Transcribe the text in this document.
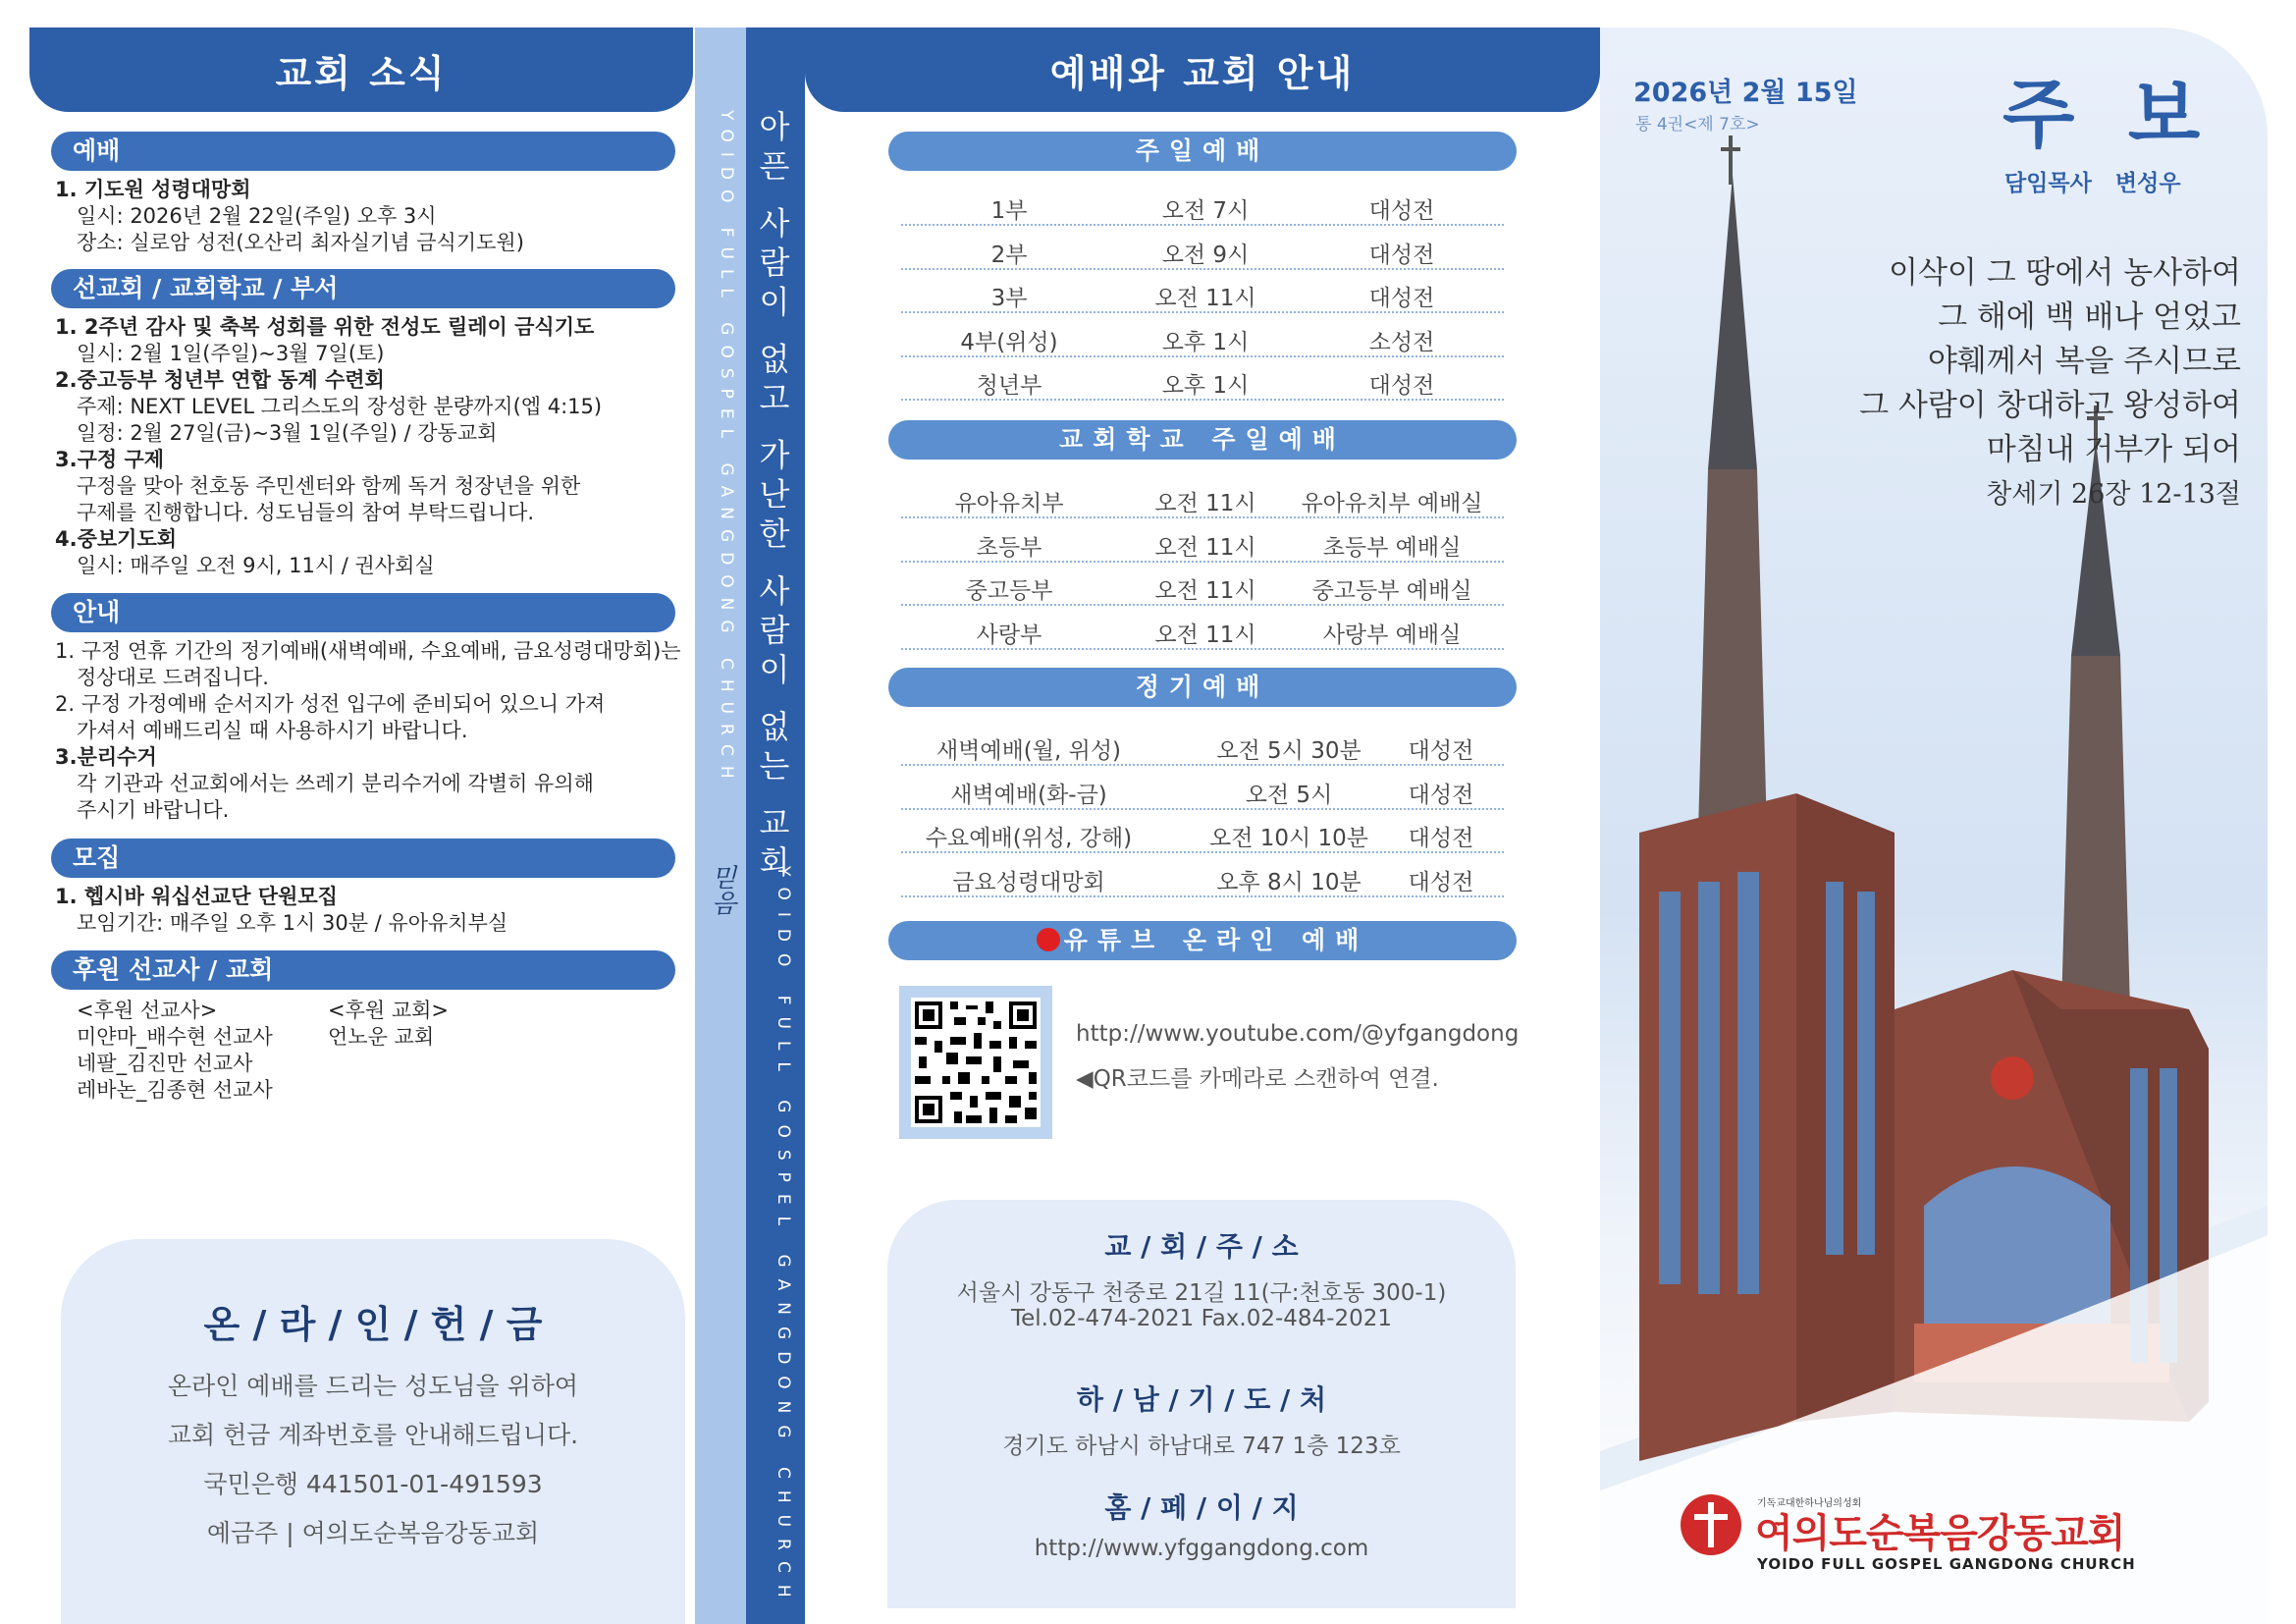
교회 소식
예배
1. 기도원 성령대망회
일시: 2026년 2월 22일(주일) 오후 3시
장소: 실로암 성전(오산리 최자실기념 금식기도원)
선교회 / 교회학교 / 부서
1. 2주년 감사 및 축복 성회를 위한 전성도 릴레이 금식기도
일시: 2월 1일(주일)~3월 7일(토)
2.중고등부 청년부 연합 동계 수련회
주제: NEXT LEVEL 그리스도의 장성한 분량까지(엡 4:15)
일정: 2월 27일(금)~3월 1일(주일) / 강동교회
3.구정 구제
구정을 맞아 천호동 주민센터와 함께 독거 청장년을 위한
구제를 진행합니다. 성도님들의 참여 부탁드립니다.
4.중보기도회
일시: 매주일 오전 9시, 11시 / 권사회실
안내
1. 구정 연휴 기간의 정기예배(새벽예배, 수요예배, 금요성령대망회)는
정상대로 드려집니다.
2. 구정 가정예배 순서지가 성전 입구에 준비되어 있으니 가져
가셔서 예배드리실 때 사용하시기 바랍니다.
3.분리수거
각 기관과 선교회에서는 쓰레기 분리수거에 각별히 유의해
주시기 바랍니다.
모집
1. 헵시바 워십선교단 단원모집
모임기간: 매주일 오후 1시 30분 / 유아유치부실
후원 선교사 / 교회
<후원 선교사>
미얀마_배수현 선교사
네팔_김진만 선교사
레바논_김종현 선교사
<후원 교회>
언노운 교회
온 / 라 / 인 / 헌 / 금
온라인 예배를 드리는 성도님을 위하여
교회 헌금 계좌번호를 안내해드립니다.
국민은행 441501-01-491593
예금주 | 여의도순복음강동교회
YOIDO FULL GOSPEL GANGDONG CHURCH
믿음
아픈 사람이 없고 가난한 사람이 없는 교회
YOIDO FULL GOSPEL GANGDONG CHURCH
예배와 교회 안내
주일예배
1부	오전 7시	대성전
2부	오전 9시	대성전
3부	오전 11시	대성전
4부(위성)	오후 1시	소성전
청년부	오후 1시	대성전
교회학교 주일예배
유아유치부	오전 11시	유아유치부 예배실
초등부	오전 11시	초등부 예배실
중고등부	오전 11시	중고등부 예배실
사랑부	오전 11시	사랑부 예배실
정기예배
새벽예배(월, 위성)	오전 5시 30분	대성전
새벽예배(화-금)	오전 5시	대성전
수요예배(위성, 강해)	오전 10시 10분	대성전
금요성령대망회	오후 8시 10분	대성전
유튜브 온라인 예배
http://www.youtube.com/@yfgangdong
◀QR코드를 카메라로 스캔하여 연결.
교 / 회 / 주 / 소
서울시 강동구 천중로 21길 11(구:천호동 300-1)
Tel.02-474-2021 Fax.02-484-2021
하 / 남 / 기 / 도 / 처
경기도 하남시 하남대로 747 1층 123호
홈 / 페 / 이 / 지
http://www.yfggangdong.com
2026년 2월 15일
통 4권<제 7호>	주 보
담임목사 변성우
이삭이 그 땅에서 농사하여
그 해에 백 배나 얻었고
야훼께서 복을 주시므로
그 사람이 창대하고 왕성하여
마침내 거부가 되어
창세기 26장 12-13절
기독교대한하나님의성회
여의도순복음강동교회
YOIDO FULL GOSPEL GANGDONG CHURCH
